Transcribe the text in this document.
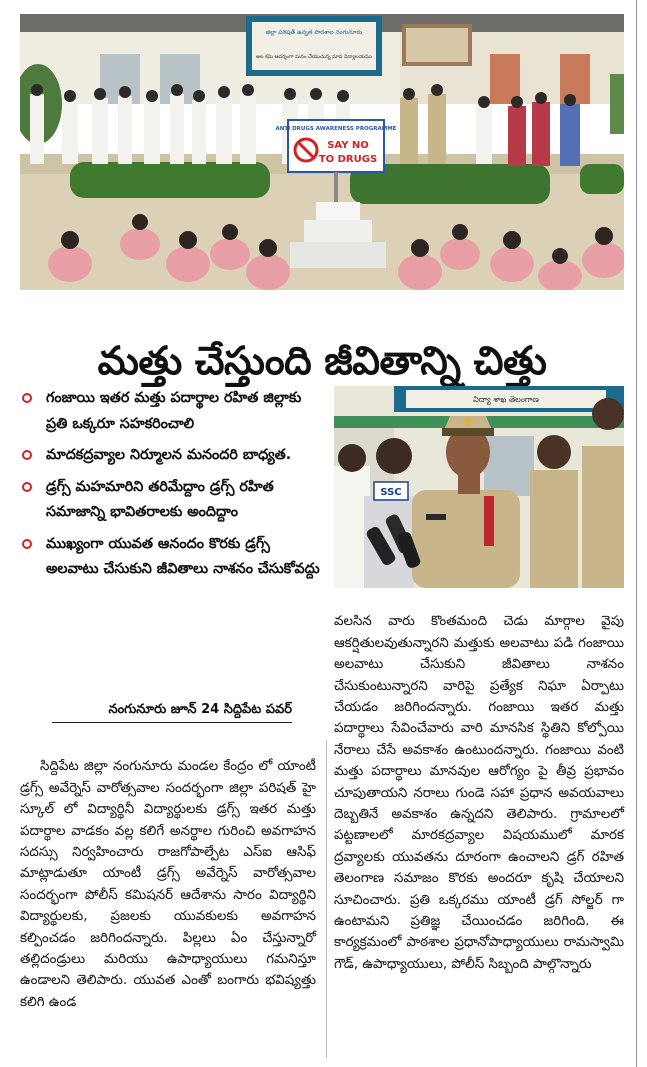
జిల్లా పరిషత్ ఉన్నత పాఠశాల నంగునూరు
అల కమి ఆదర్శంగా మనం చేయుచున్న మాన విద్యాలయము
ANTI DRUGS AWARENESS PROGRAMME
SAY NO
TO DRUGS
మత్తు చేస్తుంది జీవితాన్ని చిత్తు
గంజాయి ఇతర మత్తు పదార్థాల రహిత జిల్లాకు ప్రతి ఒక్కరూ సహకరించాలి
మాదకద్రవ్యాల నిర్మూలన మనందరి బాధ్యత.
డ్రగ్స్ మహమారిని తరిమేద్దాం డ్రగ్స్ రహిత సమాజాన్ని భావితరాలకు అందిద్దాం
ముఖ్యంగా యువత ఆనందం కొరకు డ్రగ్స్ అలవాటు చేసుకుని జీవితాలు నాశనం చేసుకోవద్దు
విద్యా శాఖ తెలంగాణ
SSC
నంగునూరు జూన్ 24 సిద్దిపేట పవర్

సిద్దిపేట జిల్లా నంగునూరు మండల కేంద్రం లో యాంటీ డ్రగ్స్ అవేర్నెస్ వారోత్సవాల సందర్భంగా జిల్లా పరిషత్ హై స్కూల్ లో విద్యార్థినీ విద్యార్థులకు డ్రగ్స్ ఇతర మత్తు పదార్థాల వాడకం వల్ల కలిగే అనర్థాల గురించి అవగాహన సదస్సు నిర్వహించారు రాజగోపాల్పేట ఎస్ఐ ఆసిఫ్ మాట్లాడుతూ యాంటీ డ్రగ్స్ అవేర్నెస్ వారోత్సవాల సందర్భంగా పోలీస్ కమిషనర్ ఆదేశాను సారం విద్యార్థిని విద్యార్థులకు, ప్రజలకు యువకులకు అవగాహన కల్పించడం జరిగిందన్నారు. పిల్లలు ఏం చేస్తున్నారో తల్లిదండ్రులు మరియు ఉపాధ్యాయులు గమనిస్తూ ఉండాలని తెలిపారు. యువత ఎంతో బంగారు భవిష్యత్తు కలిగి ఉండ

వలసిన వారు కొంతమంది చెడు మార్గాల వైపు ఆకర్షితులవుతున్నారని మత్తుకు అలవాటు పడి గంజాయి అలవాటు చేసుకుని జీవితాలు నాశనం చేసుకుంటున్నారని వారిపై ప్రత్యేక నిఘా ఏర్పాటు చేయడం జరిగిందన్నారు. గంజాయి ఇతర మత్తు పదార్థాలు సేవించేవారు వారి మానసిక స్థితిని కోల్పోయి నేరాలు చేసే అవకాశం ఉంటుందన్నారు. గంజాయి వంటి మత్తు పదార్థాలు మానవుల ఆరోగ్యం పై తీవ్ర ప్రభావం చూపుతాయని నరాలు గుండె సహా ప్రధాన అవయవాలు దెబ్బతినే అవకాశం ఉన్నదని తెలిపారు. గ్రామాలలో పట్టణాలలో మారకద్రవ్యాల విషయములో మారక ద్రవ్యాలకు యువతను దూరంగా ఉంచాలని డ్రగ్ రహిత తెలంగాణ సమాజం కొరకు అందరూ కృషి చేయాలని సూచించారు. ప్రతి ఒక్కరము యాంటీ డ్రగ్ సోల్జర్ గా ఉంటామని ప్రతిజ్ఞ చేయించడం జరిగింది. ఈ కార్యక్రమంలో పాఠశాల ప్రధానోపాధ్యాయులు రామస్వామి గౌడ్, ఉపాధ్యాయులు, పోలీస్ సిబ్బంది పాల్గొన్నారు
